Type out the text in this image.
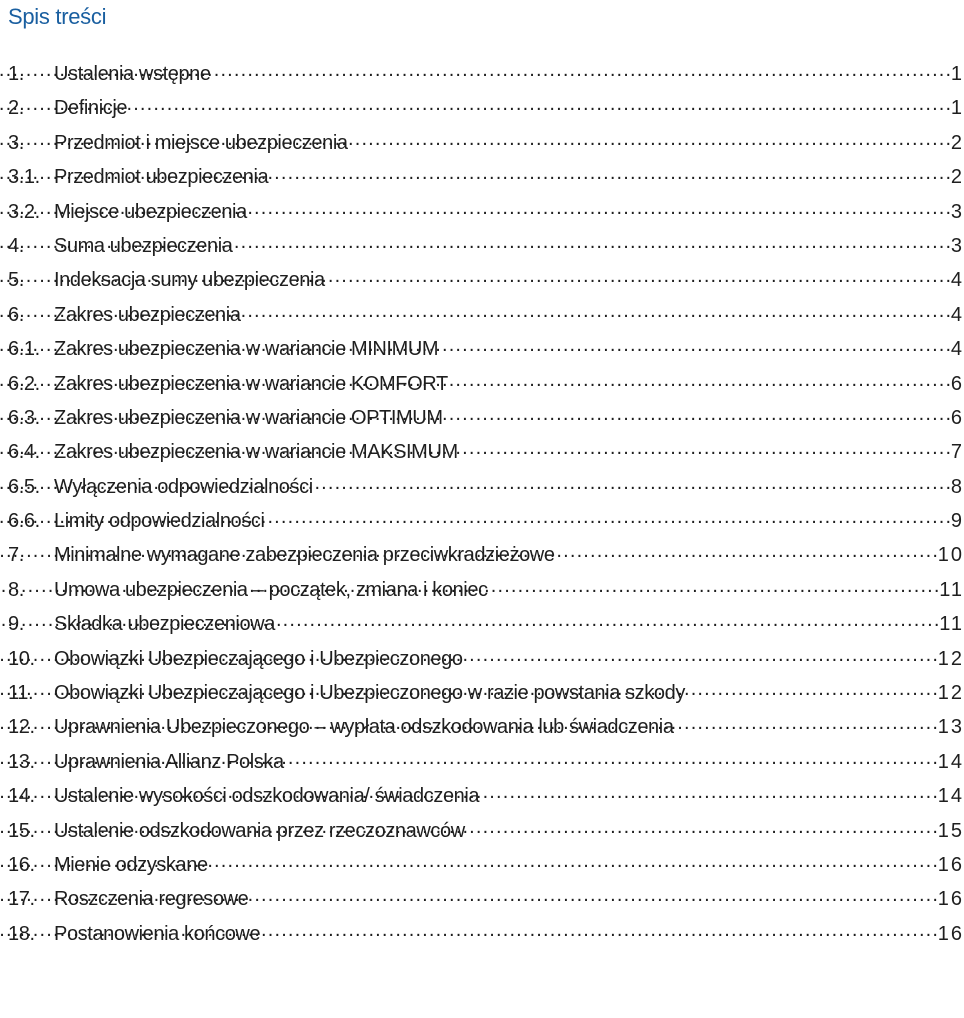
Spis treści
1.	Ustalenia wstępne . . .	1
2.	Definicje . . .	1
3.	Przedmiot i miejsce ubezpieczenia . . .	2
3.1. Przedmiot ubezpieczenia . . .	2
3.2. Miejsce ubezpieczenia . . .	3
4.	Suma ubezpieczenia . . .	3
5.	Indeksacja sumy ubezpieczenia . . .	4
6.	Zakres ubezpieczenia . . .	4
6.1. Zakres ubezpieczenia w wariancie MINIMUM . . .	4
6.2. Zakres ubezpieczenia w wariancie KOMFORT . . .	6
6.3. Zakres ubezpieczenia w wariancie OPTIMUM . . .	6
6.4. Zakres ubezpieczenia w wariancie MAKSIMUM . . .	7
6.5. Wyłączenia odpowiedzialności . . .	8
6.6. Limity odpowiedzialności . . .	9
7.	Minimalne wymagane zabezpieczenia przeciwkradzieżowe . . .	10
8.	Umowa ubezpieczenia – początek, zmiana i koniec . . .	11
9.	Składka ubezpieczeniowa . . .	11
10. Obowiązki Ubezpieczającego i Ubezpieczonego . . .	12
11.	Obowiązki Ubezpieczającego i Ubezpieczonego w razie powstania szkody . . .	12
12. Uprawnienia Ubezpieczonego – wypłata odszkodowania lub świadczenia . . .	13
13. Uprawnienia Allianz Polska . . .	14
14. Ustalenie wysokości odszkodowania/ świadczenia . . .	14
15. Ustalenie odszkodowania przez rzeczoznawców . . .	15
16. Mienie odzyskane . . .	16
17. Roszczenia regresowe . . .	16
18. Postanowienia końcowe . . .	16
